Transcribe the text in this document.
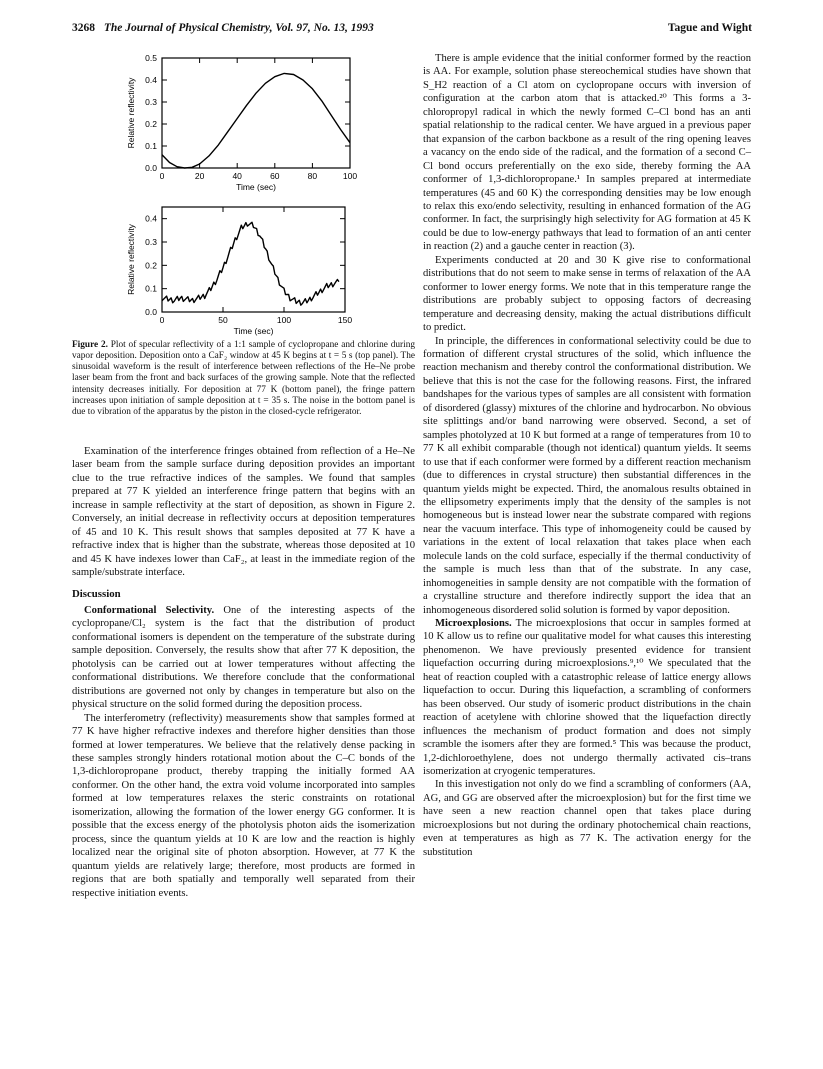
3268 The Journal of Physical Chemistry, Vol. 97, No. 13, 1993	Tague and Wight
0	20	40	60	80	100
0.0
0.1
0.2
0.3
0.4
0.5
Time (sec)
Relative reflectivity
0	50	100	150
0.0
0.1
0.2
0.3
0.4
Time (sec)
Relative reflectivity
Figure 2. Plot of specular reflectivity of a 1:1 sample of cyclopropane and chlorine during vapor deposition. Deposition onto a CaF₂ window at 45 K begins at t = 5 s (top panel). The sinusoidal waveform is the result of interference between reflections of the He–Ne probe laser beam from the front and back surfaces of the growing sample. Note that the reflected intensity decreases initially. For deposition at 77 K (bottom panel), the fringe pattern increases upon initiation of sample deposition at t = 35 s. The noise in the bottom panel is due to vibration of the apparatus by the piston in the closed-cycle refrigerator.

Examination of the interference fringes obtained from reflection of a He–Ne laser beam from the sample surface during deposition provides an important clue to the true refractive indices of the samples. We found that samples prepared at 77 K yielded an interference fringe pattern that begins with an increase in sample reflectivity at the start of deposition, as shown in Figure 2. Conversely, an initial decrease in reflectivity occurs at deposition temperatures of 45 and 10 K. This result shows that samples deposited at 77 K have a refractive index that is higher than the substrate, whereas those deposited at 10 and 45 K have indexes lower than CaF₂, at least in the immediate region of the sample/substrate interface.

Discussion

Conformational Selectivity. One of the interesting aspects of the cyclopropane/Cl₂ system is the fact that the distribution of product conformational isomers is dependent on the temperature of the substrate during sample deposition. Conversely, the results show that after 77 K deposition, the photolysis can be carried out at lower temperatures without affecting the conformational distributions. We therefore conclude that the conformational distributions are governed not only by changes in temperature but also on the physical structure on the solid formed during the deposition process.

The interferometry (reflectivity) measurements show that samples formed at 77 K have higher refractive indexes and therefore higher densities than those formed at lower temperatures. We believe that the relatively dense packing in these samples strongly hinders rotational motion about the C–C bonds of the 1,3-dichloropropane product, thereby trapping the initially formed AA conformer. On the other hand, the extra void volume incorporated into samples formed at low temperatures relaxes the steric constraints on rotational isomerization, allowing the formation of the lower energy GG conformer. It is possible that the excess energy of the photolysis photon aids the isomerization process, since the quantum yields at 10 K are low and the reaction is highly localized near the original site of photon absorption. However, at 77 K the quantum yields are relatively large; therefore, most products are formed in regions that are both spatially and temporally well separated from their respective initiation events.

There is ample evidence that the initial conformer formed by the reaction is AA. For example, solution phase stereochemical studies have shown that S_H2 reaction of a Cl atom on cyclopropane occurs with inversion of configuration at the carbon atom that is attacked.²⁰ This forms a 3-chloropropyl radical in which the newly formed C–Cl bond has an anti spatial relationship to the radical center. We have argued in a previous paper that expansion of the carbon backbone as a result of the ring opening leaves a vacancy on the endo side of the radical, and the formation of a second C–Cl bond occurs preferentially on the exo side, thereby forming the AA conformer of 1,3-dichloropropane.¹ In samples prepared at intermediate temperatures (45 and 60 K) the corresponding densities may be low enough to relax this exo/endo selectivity, resulting in enhanced formation of the AG conformer. In fact, the surprisingly high selectivity for AG formation at 45 K could be due to low-energy pathways that lead to formation of an anti center in reaction (2) and a gauche center in reaction (3).

Experiments conducted at 20 and 30 K give rise to conformational distributions that do not seem to make sense in terms of relaxation of the AA conformer to lower energy forms. We note that in this temperature range the distributions are probably subject to opposing factors of decreasing temperature and decreasing density, making the actual distributions difficult to predict.

In principle, the differences in conformational selectivity could be due to formation of different crystal structures of the solid, which influence the reaction mechanism and thereby control the conformational distribution. We believe that this is not the case for the following reasons. First, the infrared bandshapes for the various types of samples are all consistent with formation of disordered (glassy) mixtures of the chlorine and hydrocarbon. No obvious site splittings and/or band narrowing were observed. Second, a set of samples photolyzed at 10 K but formed at a range of temperatures from 10 to 77 K all exhibit comparable (though not identical) quantum yields. It seems to use that if each conformer were formed by a different reaction mechanism (due to differences in crystal structure) then substantial differences in the quantum yields might be expected. Third, the anomalous results obtained in the ellipsometry experiments imply that the density of the samples is not homogeneous but is instead lower near the substrate compared with regions near the vacuum interface. This type of inhomogeneity could be caused by variations in the extent of local relaxation that takes place when each molecule lands on the cold surface, especially if the thermal conductivity of the sample is much less than that of the substrate. In any case, inhomogeneities in sample density are not compatible with the formation of a crystalline structure and therefore indirectly support the idea that an inhomogeneous disordered solid solution is formed by vapor deposition.

Microexplosions. The microexplosions that occur in samples formed at 10 K allow us to refine our qualitative model for what causes this interesting phenomenon. We have previously presented evidence for transient liquefaction occurring during microexplosions.⁹,¹⁰ We speculated that the heat of reaction coupled with a catastrophic release of lattice energy allows liquefaction to occur. During this liquefaction, a scrambling of conformers has been observed. Our study of isomeric product distributions in the chain reaction of acetylene with chlorine showed that the liquefaction directly influences the mechanism of product formation and does not simply scramble the isomers after they are formed.⁵ This was because the product, 1,2-dichloroethylene, does not undergo thermally activated cis–trans isomerization at cryogenic temperatures.

In this investigation not only do we find a scrambling of conformers (AA, AG, and GG are observed after the microexplosion) but for the first time we have seen a new reaction channel open that takes place during microexplosions but not during the ordinary photochemical chain reactions, even at temperatures as high as 77 K. The activation energy for the substitution
